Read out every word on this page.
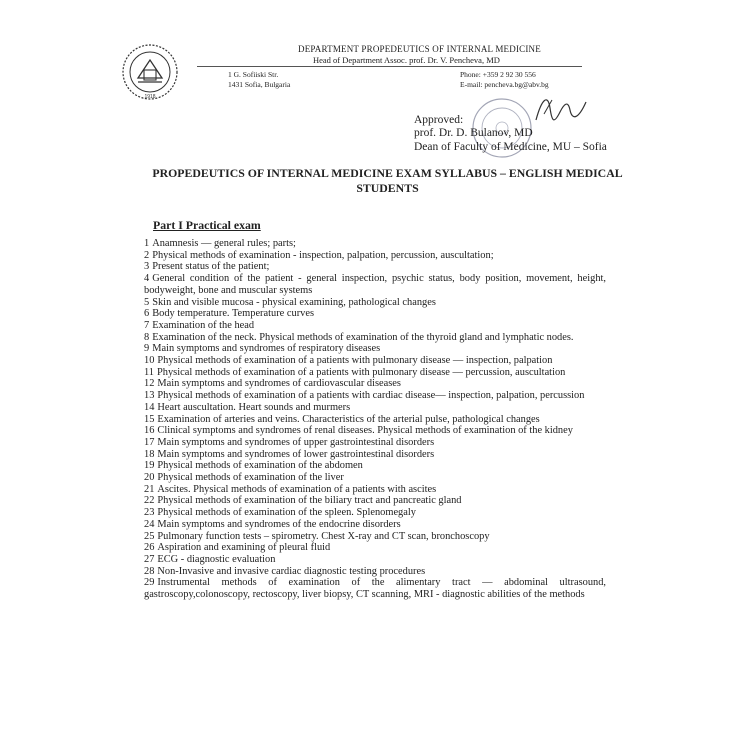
1918
DEPARTMENT PROPEDEUTICS OF INTERNAL MEDICINE
Head of Department Assoc. prof. Dr. V. Pencheva, MD
1 G. Sofiiski Str.
1431 Sofia, Bulgaria
Phone: +359 2 92 30 556
E-mail: pencheva.bg@abv.bg
Approved:
prof. Dr. D. Bulanov, MD
Dean of Faculty of Medicine, MU – Sofia
PROPEDEUTICS OF INTERNAL MEDICINE EXAM SYLLABUS – ENGLISH MEDICAL STUDENTS
Part I Practical exam
1 Anamnesis — general rules; parts;
2 Physical methods of examination - inspection, palpation, percussion, auscultation;
3 Present status of the patient;
4 General condition of the patient - general inspection, psychic status, body position, movement, height, bodyweight, bone and muscular systems
5 Skin and visible mucosa - physical examining, pathological changes
6 Body temperature. Temperature curves
7 Examination of the head
8 Examination of the neck. Physical methods of examination of the thyroid gland and lymphatic nodes.
9 Main symptoms and syndromes of respiratory diseases
10 Physical methods of examination of a patients with pulmonary disease — inspection, palpation
11 Physical methods of examination of a patients with pulmonary disease — percussion, auscultation
12 Main symptoms and syndromes of cardiovascular diseases
13 Physical methods of examination of a patients with cardiac disease— inspection, palpation, percussion
14 Heart auscultation. Heart sounds and murmers
15 Examination of arteries and veins. Characteristics of the arterial pulse, pathological changes
16 Clinical symptoms and syndromes of renal diseases. Physical methods of examination of the kidney
17 Main symptoms and syndromes of upper gastrointestinal disorders
18 Main symptoms and syndromes of lower gastrointestinal disorders
19 Physical methods of examination of the abdomen
20 Physical methods of examination of the liver
21 Ascites. Physical methods of examination of a patients with ascites
22 Physical methods of examination of the biliary tract and pancreatic gland
23 Physical methods of examination of the spleen. Splenomegaly
24 Main symptoms and syndromes of the endocrine disorders
25 Pulmonary function tests – spirometry. Chest X-ray and CT scan, bronchoscopy
26 Aspiration and examining of pleural fluid
27 ECG - diagnostic evaluation
28 Non-Invasive and invasive cardiac diagnostic testing procedures
29 Instrumental methods of examination of the alimentary tract — abdominal ultrasound, gastroscopy,colonoscopy, rectoscopy, liver biopsy, CT scanning, MRI - diagnostic abilities of the methods
